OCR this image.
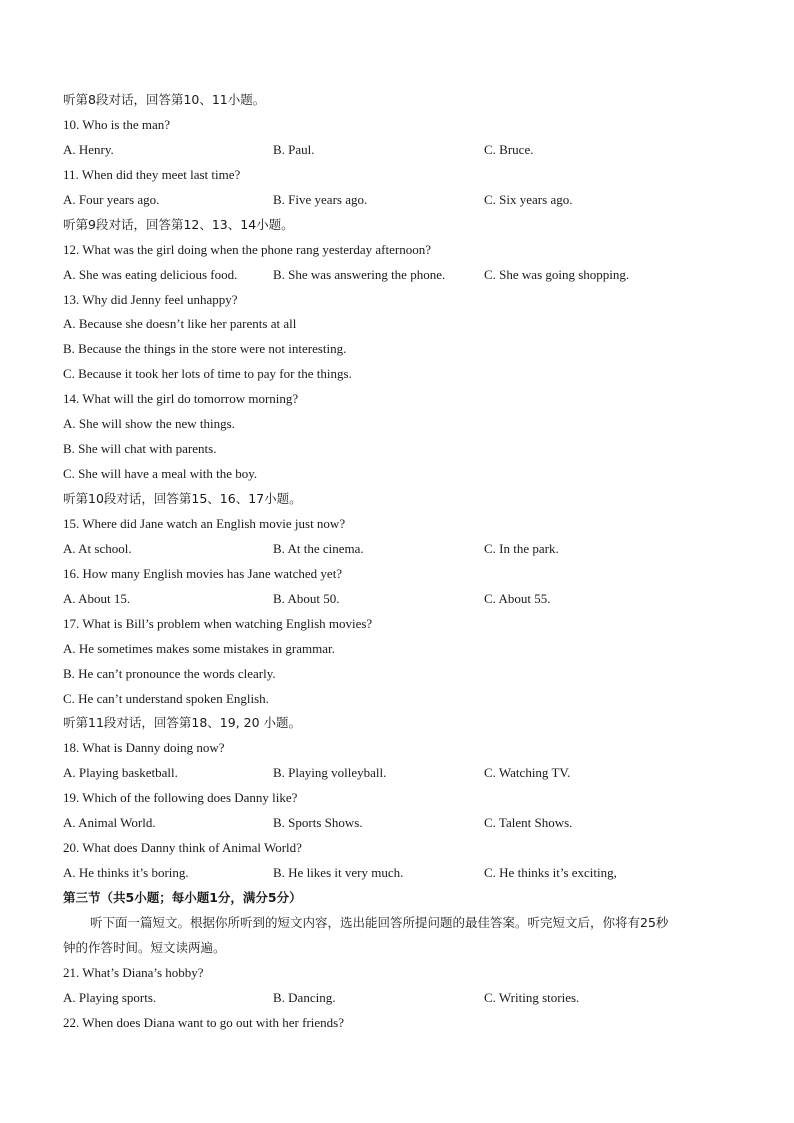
听第8段对话，回答第10、11小题。
10. Who is the man?
A. Henry.	B. Paul.	C. Bruce.
11. When did they meet last time?
A. Four years ago.	B. Five years ago.	C. Six years ago.
听第9段对话，回答第12、13、14小题。
12. What was the girl doing when the phone rang yesterday afternoon?
A. She was eating delicious food.	B. She was answering the phone.	C. She was going shopping.
13. Why did Jenny feel unhappy?
A. Because she doesn’t like her parents at all
B. Because the things in the store were not interesting.
C. Because it took her lots of time to pay for the things.
14. What will the girl do tomorrow morning?
A. She will show the new things.
B. She will chat with parents.
C. She will have a meal with the boy.
听第10段对话，回答第15、16、17小题。
15. Where did Jane watch an English movie just now?
A. At school.	B. At the cinema.	C. In the park.
16. How many English movies has Jane watched yet?
A. About 15.	B. About 50.	C. About 55.
17. What is Bill’s problem when watching English movies?
A. He sometimes makes some mistakes in grammar.
B. He can’t pronounce the words clearly.
C. He can’t understand spoken English.
听第11段对话，回答第18、19, 20 小题。
18. What is Danny doing now?
A. Playing basketball.	B. Playing volleyball.	C. Watching TV.
19. Which of the following does Danny like?
A. Animal World.	B. Sports Shows.	C. Talent Shows.
20. What does Danny think of Animal World?
A. He thinks it’s boring.	B. He likes it very much.	C. He thinks it’s exciting,
第三节（共5小题；每小题1分，满分5分）
听下面一篇短文。根据你所听到的短文内容，选出能回答所提问题的最佳答案。听完短文后，你将有25秒
钟的作答时间。短文读两遍。
21. What’s Diana’s hobby?
A. Playing sports.	B. Dancing.	C. Writing stories.
22. When does Diana want to go out with her friends?
